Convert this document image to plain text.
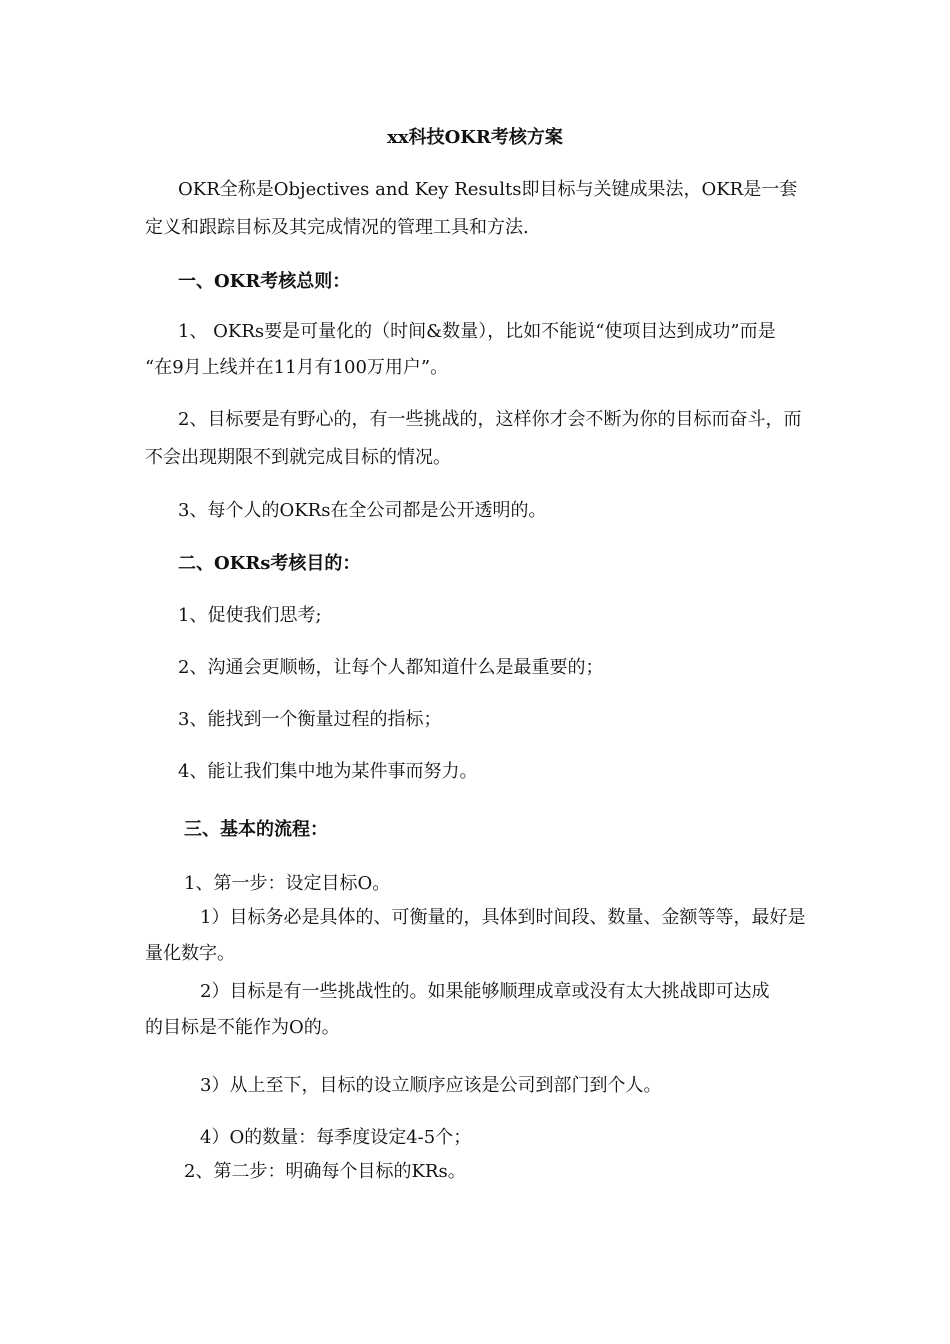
xx科技OKR考核方案

OKR全称是Objectives and Key Results即目标与关键成果法，OKR是一套

定义和跟踪目标及其完成情况的管理工具和方法.

一、OKR考核总则：

1、 OKRs要是可量化的（时间&数量），比如不能说“使项目达到成功”而是

“在9月上线并在11月有100万用户”。

2、目标要是有野心的，有一些挑战的，这样你才会不断为你的目标而奋斗，而

不会出现期限不到就完成目标的情况。

3、每个人的OKRs在全公司都是公开透明的。

二、OKRs考核目的：

1、促使我们思考;

2、沟通会更顺畅，让每个人都知道什么是最重要的；

3、能找到一个衡量过程的指标；

4、能让我们集中地为某件事而努力。

三、基本的流程：

1、第一步：设定目标O。

1）目标务必是具体的、可衡量的，具体到时间段、数量、金额等等，最好是

量化数字。

2）目标是有一些挑战性的。如果能够顺理成章或没有太大挑战即可达成

的目标是不能作为O的。

3）从上至下，目标的设立顺序应该是公司到部门到个人。

4）O的数量：每季度设定4-5个；

2、第二步：明确每个目标的KRs。
